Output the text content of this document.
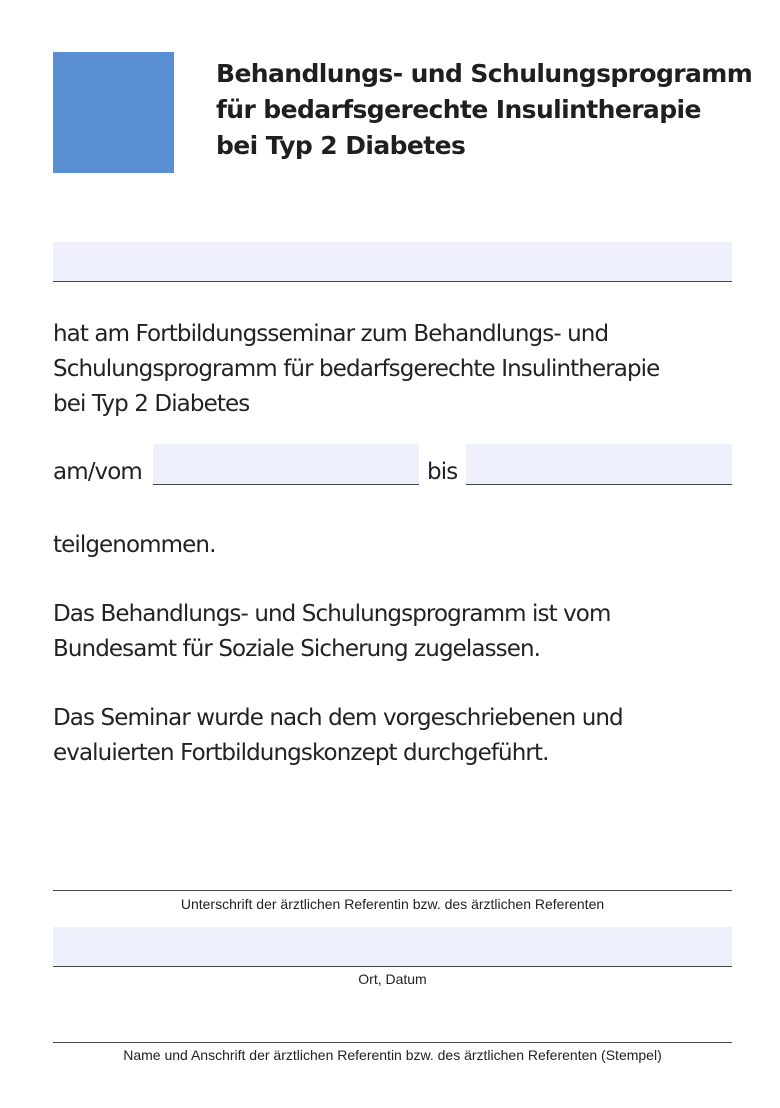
Behandlungs- und Schulungsprogramm
für bedarfsgerechte Insulintherapie
bei Typ 2 Diabetes
hat am Fortbildungsseminar zum Behandlungs- und
Schulungsprogramm für bedarfsgerechte Insulintherapie
bei Typ 2 Diabetes
am/vom	bis
teilgenommen.
Das Behandlungs- und Schulungsprogramm ist vom
Bundesamt für Soziale Sicherung zugelassen.
Das Seminar wurde nach dem vorgeschriebenen und
evaluierten Fortbildungskonzept durchgeführt.
Unterschrift der ärztlichen Referentin bzw. des ärztlichen Referenten
Ort, Datum
Name und Anschrift der ärztlichen Referentin bzw. des ärztlichen Referenten (Stempel)
